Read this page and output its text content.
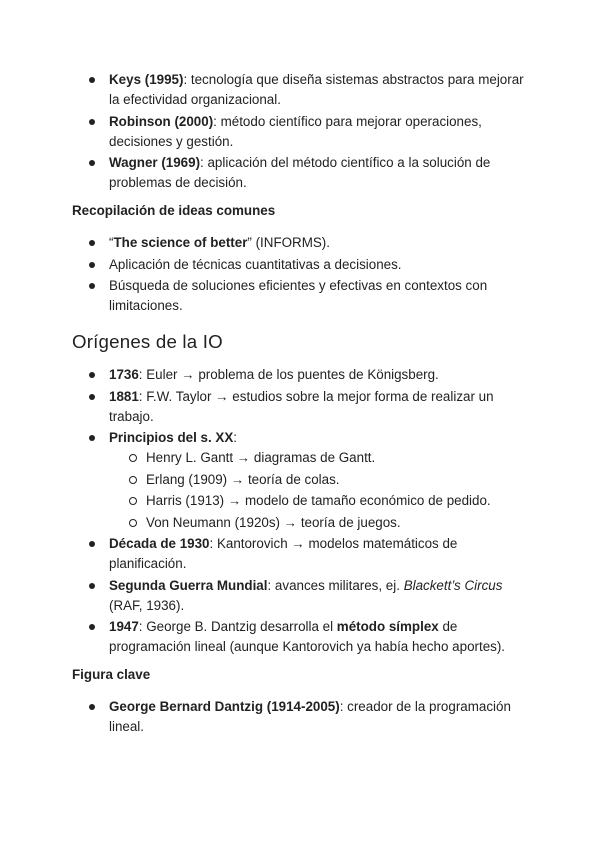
Keys (1995): tecnología que diseña sistemas abstractos para mejorar la efectividad organizacional.
Robinson (2000): método científico para mejorar operaciones, decisiones y gestión.
Wagner (1969): aplicación del método científico a la solución de problemas de decisión.
Recopilación de ideas comunes
“The science of better” (INFORMS).
Aplicación de técnicas cuantitativas a decisiones.
Búsqueda de soluciones eficientes y efectivas en contextos con limitaciones.
Orígenes de la IO
1736: Euler → problema de los puentes de Königsberg.
1881: F.W. Taylor → estudios sobre la mejor forma de realizar un trabajo.
Principios del s. XX:
Henry L. Gantt → diagramas de Gantt.
Erlang (1909) → teoría de colas.
Harris (1913) → modelo de tamaño económico de pedido.
Von Neumann (1920s) → teoría de juegos.
Década de 1930: Kantorovich → modelos matemáticos de planificación.
Segunda Guerra Mundial: avances militares, ej. Blackett’s Circus (RAF, 1936).
1947: George B. Dantzig desarrolla el método símplex de programación lineal (aunque Kantorovich ya había hecho aportes).
Figura clave
George Bernard Dantzig (1914-2005): creador de la programación lineal.
